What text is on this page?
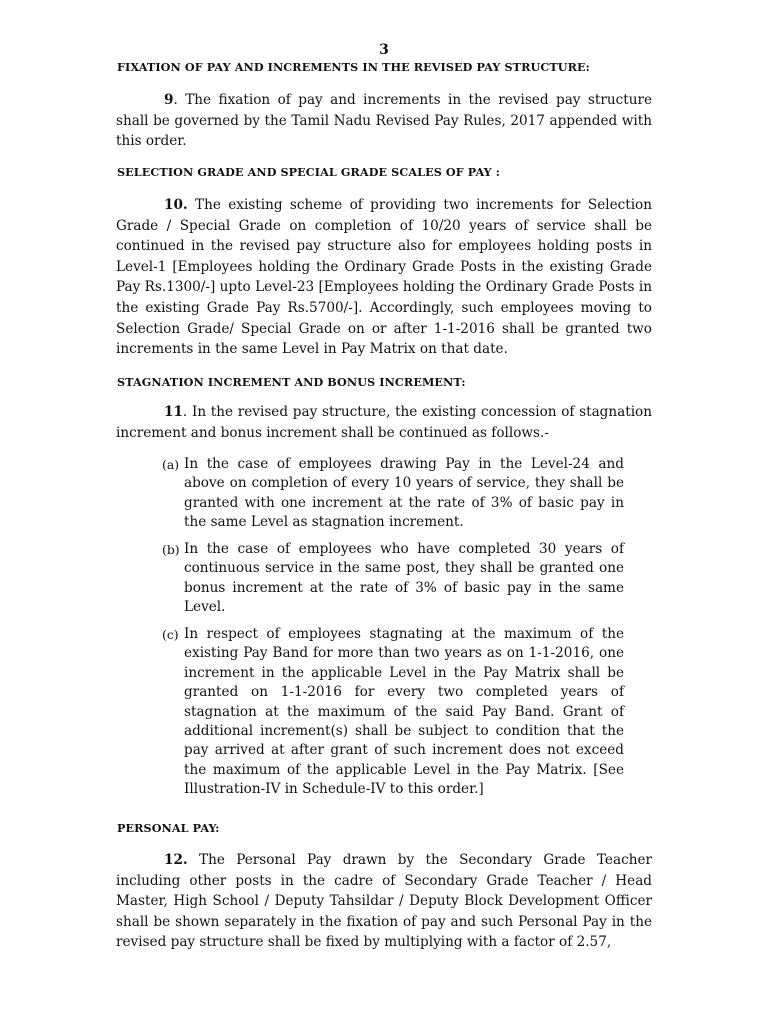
3
FIXATION OF PAY AND INCREMENTS IN THE REVISED PAY STRUCTURE:
9. The fixation of pay and increments in the revised pay structure shall be governed by the Tamil Nadu Revised Pay Rules, 2017 appended with this order.
SELECTION GRADE AND SPECIAL GRADE SCALES OF PAY :
10. The existing scheme of providing two increments for Selection Grade / Special Grade on completion of 10/20 years of service shall be continued in the revised pay structure also for employees holding posts in Level-1 [Employees holding the Ordinary Grade Posts in the existing Grade Pay Rs.1300/-] upto Level-23 [Employees holding the Ordinary Grade Posts in the existing Grade Pay Rs.5700/-]. Accordingly, such employees moving to Selection Grade/ Special Grade on or after 1-1-2016 shall be granted two increments in the same Level in Pay Matrix on that date.
STAGNATION INCREMENT AND BONUS INCREMENT:
11. In the revised pay structure, the existing concession of stagnation increment and bonus increment shall be continued as follows.-
(a) In the case of employees drawing Pay in the Level-24 and above on completion of every 10 years of service, they shall be granted with one increment at the rate of 3% of basic pay in the same Level as stagnation increment.
(b) In the case of employees who have completed 30 years of continuous service in the same post, they shall be granted one bonus increment at the rate of 3% of basic pay in the same Level.
(c) In respect of employees stagnating at the maximum of the existing Pay Band for more than two years as on 1-1-2016, one increment in the applicable Level in the Pay Matrix shall be granted on 1-1-2016 for every two completed years of stagnation at the maximum of the said Pay Band. Grant of additional increment(s) shall be subject to condition that the pay arrived at after grant of such increment does not exceed the maximum of the applicable Level in the Pay Matrix. [See Illustration-IV in Schedule-IV to this order.]
PERSONAL PAY:
12. The Personal Pay drawn by the Secondary Grade Teacher including other posts in the cadre of Secondary Grade Teacher / Head Master, High School / Deputy Tahsildar / Deputy Block Development Officer shall be shown separately in the fixation of pay and such Personal Pay in the revised pay structure shall be fixed by multiplying with a factor of 2.57,
